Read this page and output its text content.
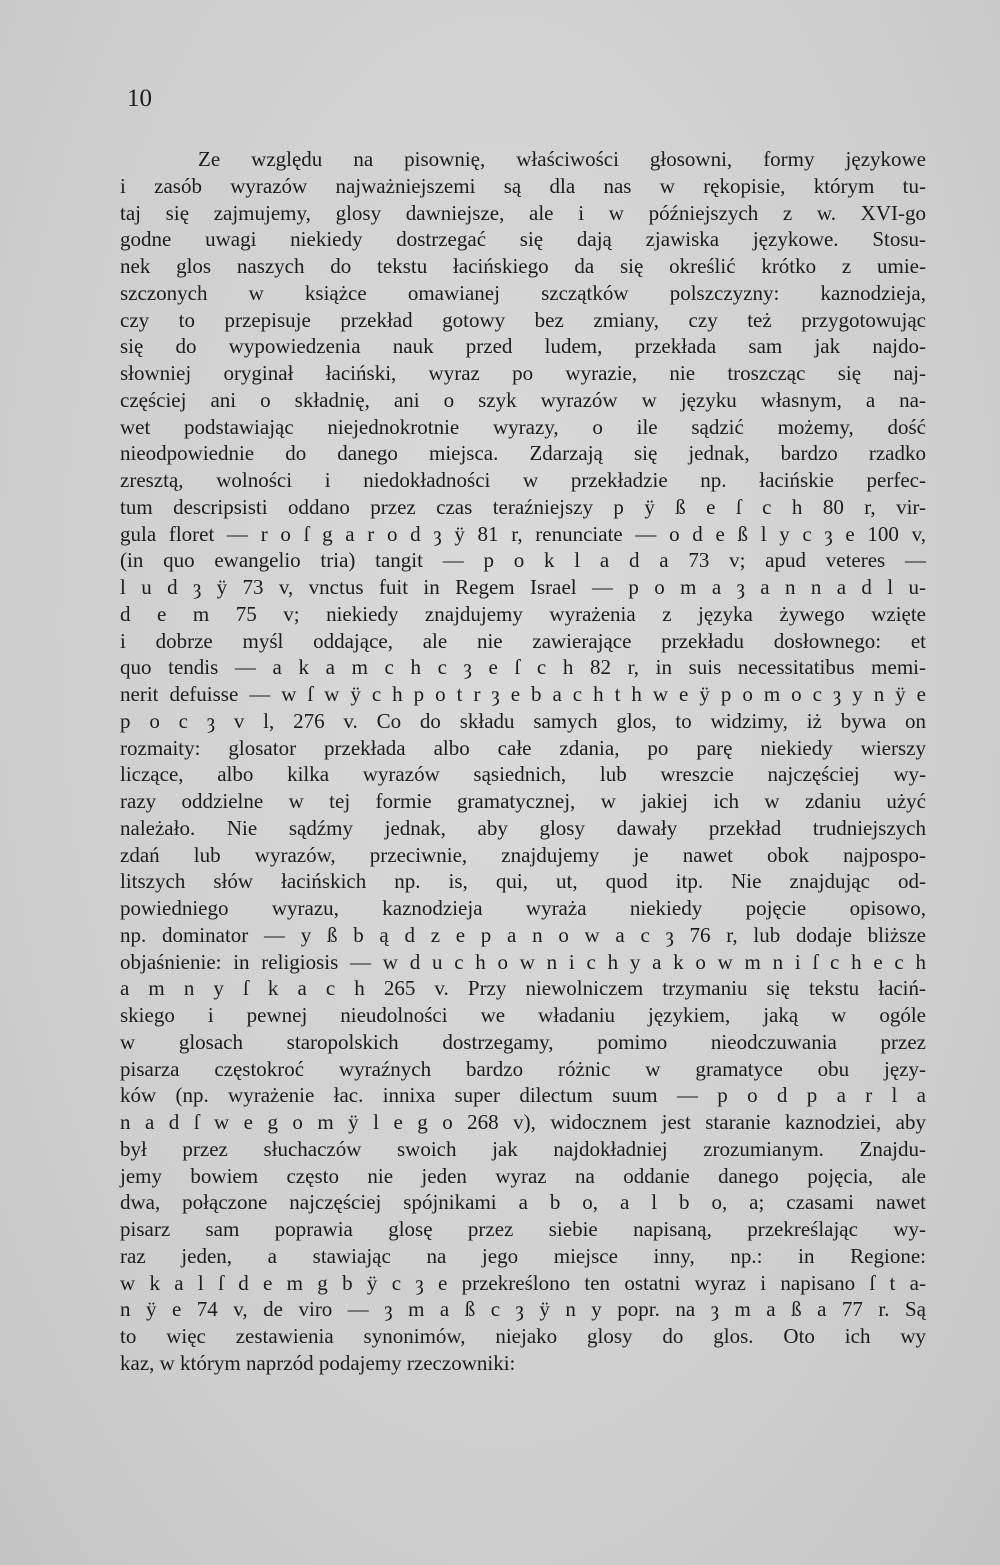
10

Ze względu na pisownię, właściwości głosowni, formy językowe
i zasób wyrazów najważniejszemi są dla nas w rękopisie, którym tu-
taj się zajmujemy, glosy dawniejsze, ale i w późniejszych z w. XVI-go
godne uwagi niekiedy dostrzegać się dają zjawiska językowe. Stosu-
nek glos naszych do tekstu łacińskiego da się określić krótko z umie-
szczonych w książce omawianej szczątków polszczyzny: kaznodzieja,
czy to przepisuje przekład gotowy bez zmiany, czy też przygotowując
się do wypowiedzenia nauk przed ludem, przekłada sam jak najdo-
słowniej oryginał łaciński, wyraz po wyrazie, nie troszcząc się naj-
częściej ani o składnię, ani o szyk wyrazów w języku własnym, a na-
wet podstawiając niejednokrotnie wyrazy, o ile sądzić możemy, dość
nieodpowiednie do danego miejsca. Zdarzają się jednak, bardzo rzadko
zresztą, wolności i niedokładności w przekładzie np. łacińskie perfec-
tum descripsisti oddano przez czas teraźniejszy p ÿ ß e ſ c h 80 r, vir-
gula floret — r o ſ g a r o d ȝ ÿ 81 r, renunciate — o d e ß l y c ȝ e 100 v,
(in quo ewangelio tria) tangit — p o k l a d a 73 v; apud veteres —
l u d ȝ ÿ 73 v, vnctus fuit in Regem Israel — p o m a ȝ a n n a d l u-
d e m 75 v; niekiedy znajdujemy wyrażenia z języka żywego wzięte
i dobrze myśl oddające, ale nie zawierające przekładu dosłownego: et
quo tendis — a k a m c h c ȝ e ſ c h 82 r, in suis necessitatibus memi-
nerit defuisse — w ſ w ÿ c h p o t r ȝ e b a c h t h w e ÿ p o m o c ȝ y n ÿ e
p o c ȝ v l, 276 v. Co do składu samych glos, to widzimy, iż bywa on
rozmaity: glosator przekłada albo całe zdania, po parę niekiedy wierszy
liczące, albo kilka wyrazów sąsiednich, lub wreszcie najczęściej wy-
razy oddzielne w tej formie gramatycznej, w jakiej ich w zdaniu użyć
należało. Nie sądźmy jednak, aby glosy dawały przekład trudniejszych
zdań lub wyrazów, przeciwnie, znajdujemy je nawet obok najpospo-
litszych słów łacińskich np. is, qui, ut, quod itp. Nie znajdując od-
powiedniego wyrazu, kaznodzieja wyraża niekiedy pojęcie opisowo,
np. dominator — y ß b ą d z e p a n o w a c ȝ 76 r, lub dodaje bliższe
objaśnienie: in religiosis — w d u c h o w n i c h y a k o w m n i ſ c h e c h
a m n y ſ k a c h 265 v. Przy niewolniczem trzymaniu się tekstu łaciń-
skiego i pewnej nieudolności we władaniu językiem, jaką w ogóle
w glosach staropolskich dostrzegamy, pomimo nieodczuwania przez
pisarza częstokroć wyraźnych bardzo różnic w gramatyce obu języ-
ków (np. wyrażenie łac. innixa super dilectum suum — p o d p a r l a
n a d ſ w e g o m ÿ l e g o 268 v), widocznem jest staranie kaznodziei, aby
był przez słuchaczów swoich jak najdokładniej zrozumianym. Znajdu-
jemy bowiem często nie jeden wyraz na oddanie danego pojęcia, ale
dwa, połączone najczęściej spójnikami a b o, a l b o, a; czasami nawet
pisarz sam poprawia glosę przez siebie napisaną, przekreślając wy-
raz jeden, a stawiając na jego miejsce inny, np.: in Regione:
w k a l ſ d e m g b ÿ c ȝ e przekreślono ten ostatni wyraz i napisano ſ t a-
n ÿ e 74 v, de viro — ȝ m a ß c ȝ ÿ n y popr. na ȝ m a ß a 77 r. Są
to więc zestawienia synonimów, niejako glosy do glos. Oto ich wy
kaz, w którym naprzód podajemy rzeczowniki:
